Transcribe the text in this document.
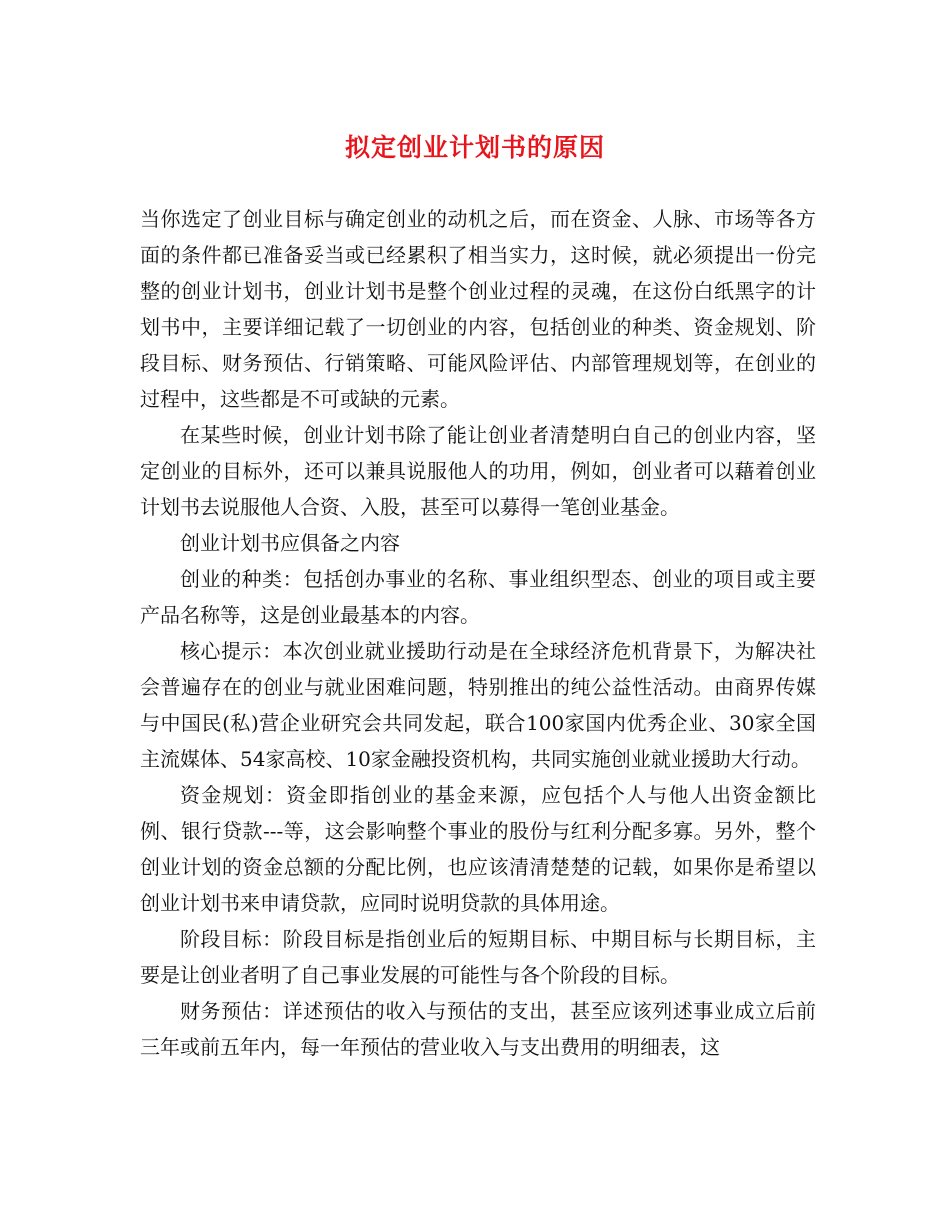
拟定创业计划书的原因

当你选定了创业目标与确定创业的动机之后，而在资金、人脉、市场等各方面的条件都已准备妥当或已经累积了相当实力，这时候，就必须提出一份完整的创业计划书，创业计划书是整个创业过程的灵魂，在这份白纸黑字的计划书中，主要详细记载了一切创业的内容，包括创业的种类、资金规划、阶段目标、财务预估、行销策略、可能风险评估、内部管理规划等，在创业的过程中，这些都是不可或缺的元素。

在某些时候，创业计划书除了能让创业者清楚明白自己的创业内容，坚定创业的目标外，还可以兼具说服他人的功用，例如，创业者可以藉着创业计划书去说服他人合资、入股，甚至可以募得一笔创业基金。

创业计划书应俱备之内容

创业的种类：包括创办事业的名称、事业组织型态、创业的项目或主要产品名称等，这是创业最基本的内容。

核心提示：本次创业就业援助行动是在全球经济危机背景下，为解决社会普遍存在的创业与就业困难问题，特别推出的纯公益性活动。由商界传媒与中国民(私)营企业研究会共同发起，联合100家国内优秀企业、30家全国主流媒体、54家高校、10家金融投资机构，共同实施创业就业援助大行动。

资金规划：资金即指创业的基金来源，应包括个人与他人出资金额比例、银行贷款---等，这会影响整个事业的股份与红利分配多寡。另外，整个创业计划的资金总额的分配比例，也应该清清楚楚的记载，如果你是希望以创业计划书来申请贷款，应同时说明贷款的具体用途。

阶段目标：阶段目标是指创业后的短期目标、中期目标与长期目标，主要是让创业者明了自己事业发展的可能性与各个阶段的目标。

财务预估：详述预估的收入与预估的支出，甚至应该列述事业成立后前三年或前五年内，每一年预估的营业收入与支出费用的明细表，这
